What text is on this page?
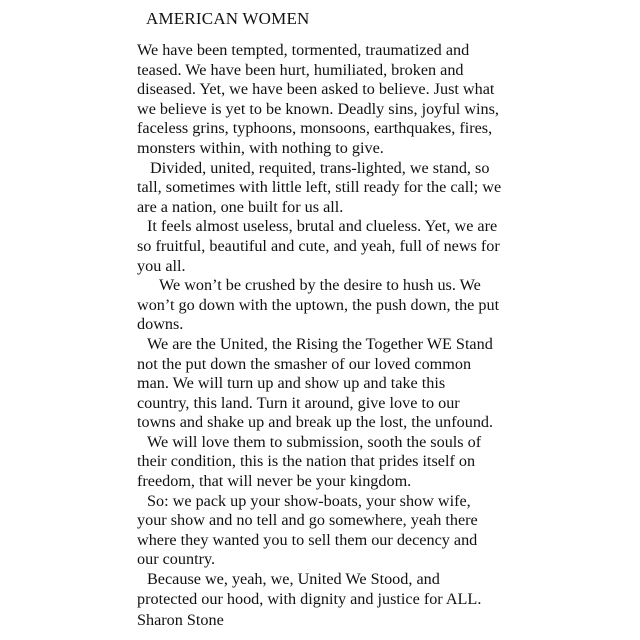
AMERICAN WOMEN
We have been tempted, tormented, traumatized and
teased. We have been hurt, humiliated, broken and
diseased. Yet, we have been asked to believe. Just what
we believe is yet to be known. Deadly sins, joyful wins,
faceless grins, typhoons, monsoons, earthquakes, fires,
monsters within, with nothing to give.
Divided, united, requited, trans-lighted, we stand, so
tall, sometimes with little left, still ready for the call; we
are a nation, one built for us all.
It feels almost useless, brutal and clueless. Yet, we are
so fruitful, beautiful and cute, and yeah, full of news for
you all.
We won’t be crushed by the desire to hush us. We
won’t go down with the uptown, the push down, the put
downs.
We are the United, the Rising the Together WE Stand
not the put down the smasher of our loved common
man. We will turn up and show up and take this
country, this land. Turn it around, give love to our
towns and shake up and break up the lost, the unfound.
We will love them to submission, sooth the souls of
their condition, this is the nation that prides itself on
freedom, that will never be your kingdom.
So: we pack up your show-boats, your show wife,
your show and no tell and go somewhere, yeah there
where they wanted you to sell them our decency and
our country.
Because we, yeah, we, United We Stood, and
protected our hood, with dignity and justice for ALL.
Sharon Stone
